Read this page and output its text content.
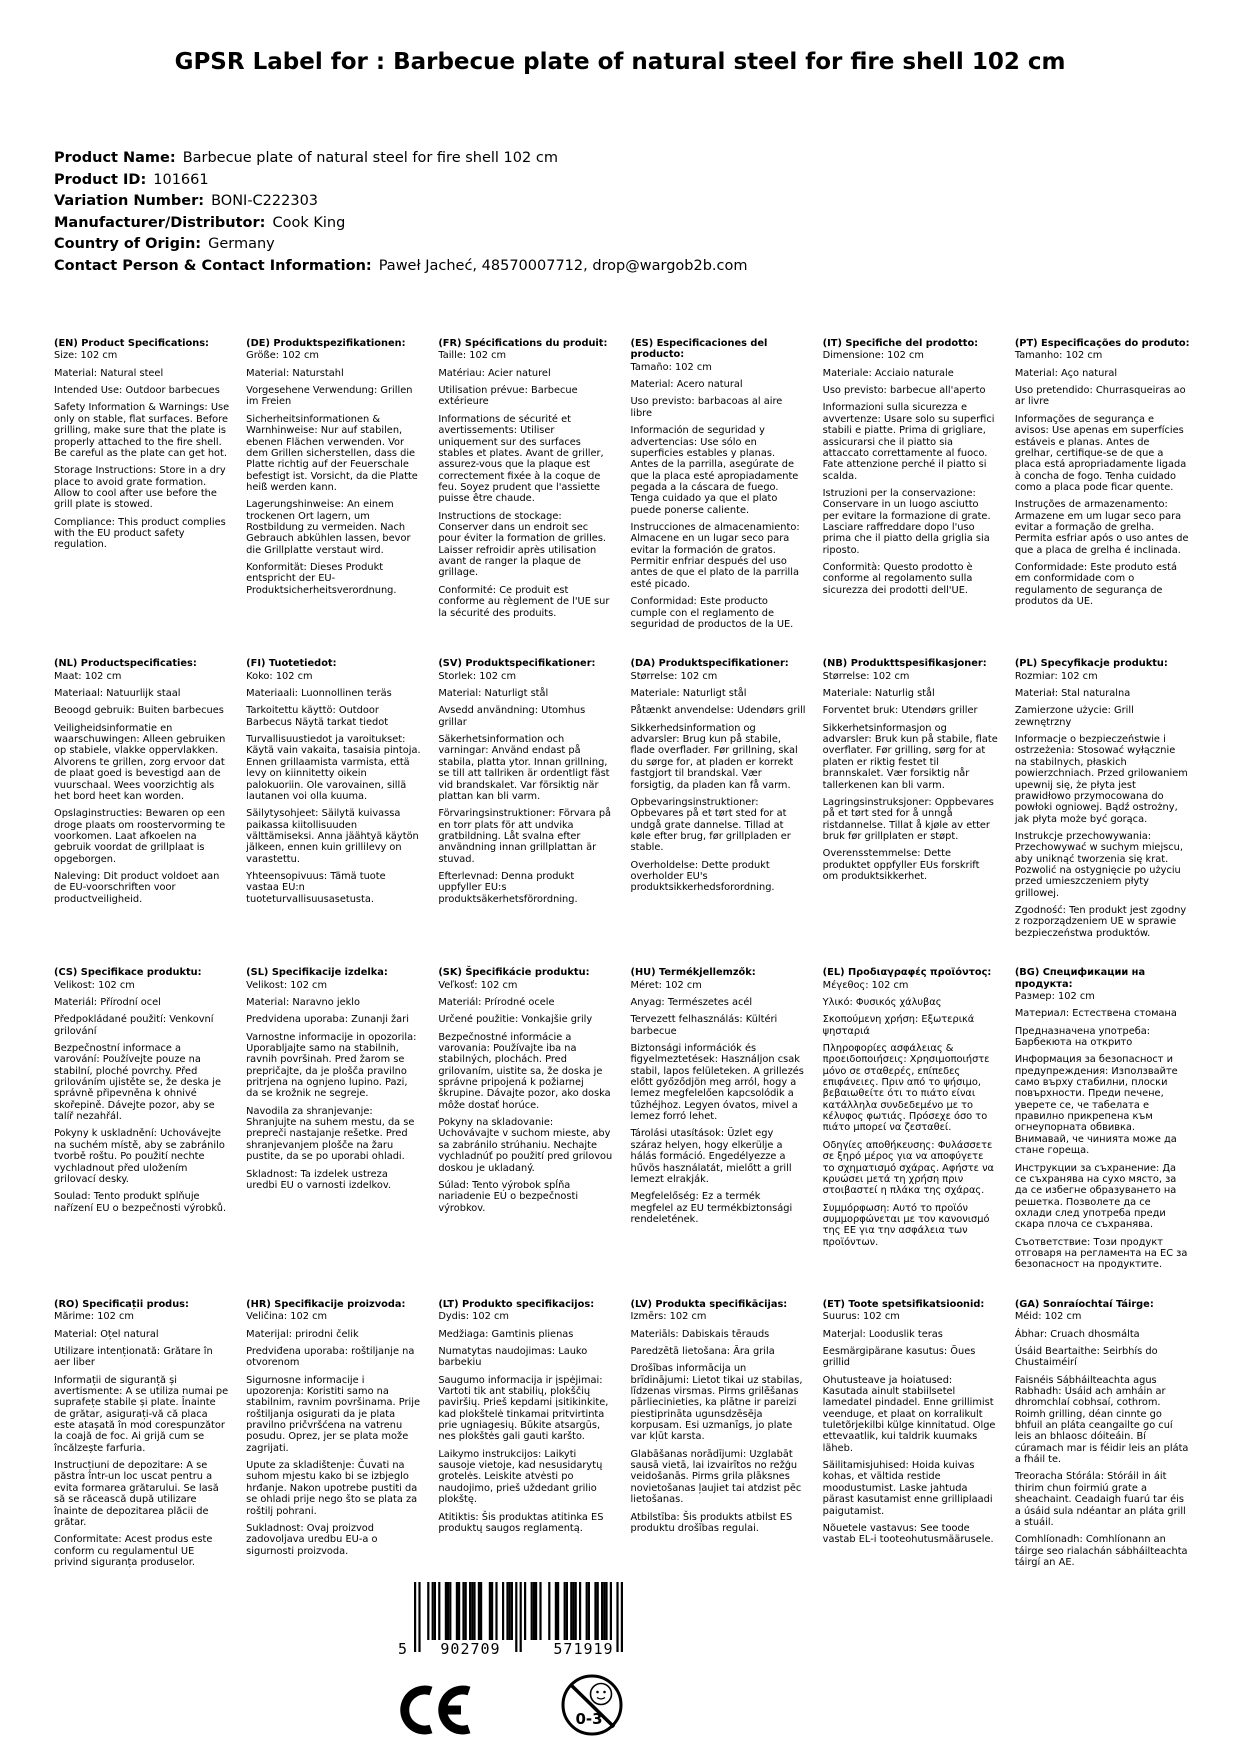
GPSR Label for : Barbecue plate of natural steel for fire shell 102 cm
Product Name: Barbecue plate of natural steel for fire shell 102 cm
Product ID: 101661
Variation Number: BONI-C222303
Manufacturer/Distributor: Cook King
Country of Origin: Germany
Contact Person & Contact Information: Paweł Jacheć, 48570007712, drop@wargob2b.com
(EN) Product Specifications:

Size: 102 cm

Material: Natural steel

Intended Use: Outdoor barbecues

Safety Information & Warnings: Use only on stable, flat surfaces. Before grilling, make sure that the plate is properly attached to the fire shell. Be careful as the plate can get hot.

Storage Instructions: Store in a dry place to avoid grate formation. Allow to cool after use before the grill plate is stowed.

Compliance: This product complies with the EU product safety regulation.

(DE) Produktspezifikationen:

Größe: 102 cm

Material: Naturstahl

Vorgesehene Verwendung: Grillen im Freien

Sicherheitsinformationen & Warnhinweise: Nur auf stabilen, ebenen Flächen verwenden. Vor dem Grillen sicherstellen, dass die Platte richtig auf der Feuerschale befestigt ist. Vorsicht, da die Platte heiß werden kann.

Lagerungshinweise: An einem trockenen Ort lagern, um Rostbildung zu vermeiden. Nach Gebrauch abkühlen lassen, bevor die Grillplatte verstaut wird.

Konformität: Dieses Produkt entspricht der EU-Produktsicherheitsverordnung.

(FR) Spécifications du produit:

Taille: 102 cm

Matériau: Acier naturel

Utilisation prévue: Barbecue extérieure

Informations de sécurité et avertissements: Utiliser uniquement sur des surfaces stables et plates. Avant de griller, assurez-vous que la plaque est correctement fixée à la coque de feu. Soyez prudent que l'assiette puisse être chaude.

Instructions de stockage: Conserver dans un endroit sec pour éviter la formation de grilles. Laisser refroidir après utilisation avant de ranger la plaque de grillage.

Conformité: Ce produit est conforme au règlement de l'UE sur la sécurité des produits.

(ES) Especificaciones del producto:

Tamaño: 102 cm

Material: Acero natural

Uso previsto: barbacoas al aire libre

Información de seguridad y advertencias: Use sólo en superficies estables y planas. Antes de la parrilla, asegúrate de que la placa esté apropiadamente pegada a la cáscara de fuego. Tenga cuidado ya que el plato puede ponerse caliente.

Instrucciones de almacenamiento: Almacene en un lugar seco para evitar la formación de gratos. Permitir enfriar después del uso antes de que el plato de la parrilla esté picado.

Conformidad: Este producto cumple con el reglamento de seguridad de productos de la UE.

(IT) Specifiche del prodotto:

Dimensione: 102 cm

Materiale: Acciaio naturale

Uso previsto: barbecue all'aperto

Informazioni sulla sicurezza e avvertenze: Usare solo su superfici stabili e piatte. Prima di grigliare, assicurarsi che il piatto sia attaccato correttamente al fuoco. Fate attenzione perché il piatto si scalda.

Istruzioni per la conservazione: Conservare in un luogo asciutto per evitare la formazione di grate. Lasciare raffreddare dopo l'uso prima che il piatto della griglia sia riposto.

Conformità: Questo prodotto è conforme al regolamento sulla sicurezza dei prodotti dell'UE.

(PT) Especificações do produto:

Tamanho: 102 cm

Material: Aço natural

Uso pretendido: Churrasqueiras ao ar livre

Informações de segurança e avisos: Use apenas em superfícies estáveis e planas. Antes de grelhar, certifique-se de que a placa está apropriadamente ligada à concha de fogo. Tenha cuidado como a placa pode ficar quente.

Instruções de armazenamento: Armazene em um lugar seco para evitar a formação de grelha. Permita esfriar após o uso antes de que a placa de grelha é inclinada.

Conformidade: Este produto está em conformidade com o regulamento de segurança de produtos da UE.

(NL) Productspecificaties:

Maat: 102 cm

Materiaal: Natuurlijk staal

Beoogd gebruik: Buiten barbecues

Veiligheidsinformatie en waarschuwingen: Alleen gebruiken op stabiele, vlakke oppervlakken. Alvorens te grillen, zorg ervoor dat de plaat goed is bevestigd aan de vuurschaal. Wees voorzichtig als het bord heet kan worden.

Opslaginstructies: Bewaren op een droge plaats om roostervorming te voorkomen. Laat afkoelen na gebruik voordat de grillplaat is opgeborgen.

Naleving: Dit product voldoet aan de EU-voorschriften voor productveiligheid.

(FI) Tuotetiedot:

Koko: 102 cm

Materiaali: Luonnollinen teräs

Tarkoitettu käyttö: Outdoor Barbecus Näytä tarkat tiedot

Turvallisuustiedot ja varoitukset: Käytä vain vakaita, tasaisia pintoja. Ennen grillaamista varmista, että levy on kiinnitetty oikein palokuoriin. Ole varovainen, sillä lautanen voi olla kuuma.

Säilytysohjeet: Säilytä kuivassa paikassa kiitollisuuden välttämiseksi. Anna jäähtyä käytön jälkeen, ennen kuin grillilevy on varastettu.

Yhteensopivuus: Tämä tuote vastaa EU:n tuoteturvallisuusasetusta.

(SV) Produktspecifikationer:

Storlek: 102 cm

Material: Naturligt stål

Avsedd användning: Utomhus grillar

Säkerhetsinformation och varningar: Använd endast på stabila, platta ytor. Innan grillning, se till att tallriken är ordentligt fäst vid brandskalet. Var försiktig när plattan kan bli varm.

Förvaringsinstruktioner: Förvara på en torr plats för att undvika gratbildning. Låt svalna efter användning innan grillplattan är stuvad.

Efterlevnad: Denna produkt uppfyller EU:s produktsäkerhetsförordning.

(DA) Produktspecifikationer:

Størrelse: 102 cm

Materiale: Naturligt stål

Påtænkt anvendelse: Udendørs grill

Sikkerhedsinformation og advarsler: Brug kun på stabile, flade overflader. Før grillning, skal du sørge for, at pladen er korrekt fastgjort til brandskal. Vær forsigtig, da pladen kan få varm.

Opbevaringsinstruktioner: Opbevares på et tørt sted for at undgå grate dannelse. Tillad at køle efter brug, før grillpladen er stable.

Overholdelse: Dette produkt overholder EU's produktsikkerhedsforordning.

(NB) Produkttspesifikasjoner:

Størrelse: 102 cm

Materiale: Naturlig stål

Forventet bruk: Utendørs griller

Sikkerhetsinformasjon og advarsler: Bruk kun på stabile, flate overflater. Før grilling, sørg for at platen er riktig festet til brannskalet. Vær forsiktig når tallerkenen kan bli varm.

Lagringsinstruksjoner: Oppbevares på et tørt sted for å unngå ristdannelse. Tillat å kjøle av etter bruk før grillplaten er støpt.

Overensstemmelse: Dette produktet oppfyller EUs forskrift om produktsikkerhet.

(PL) Specyfikacje produktu:

Rozmiar: 102 cm

Materiał: Stal naturalna

Zamierzone użycie: Grill zewnętrzny

Informacje o bezpieczeństwie i ostrzeżenia: Stosować wyłącznie na stabilnych, płaskich powierzchniach. Przed grilowaniem upewnij się, że płyta jest prawidłowo przymocowana do powłoki ogniowej. Bądź ostrożny, jak płyta może być gorąca.

Instrukcje przechowywania: Przechowywać w suchym miejscu, aby uniknąć tworzenia się krat. Pozwolić na ostygnięcie po użyciu przed umieszczeniem płyty grillowej.

Zgodność: Ten produkt jest zgodny z rozporządzeniem UE w sprawie bezpieczeństwa produktów.

(CS) Specifikace produktu:

Velikost: 102 cm

Materiál: Přírodní ocel

Předpokládané použití: Venkovní grilování

Bezpečnostní informace a varování: Používejte pouze na stabilní, ploché povrchy. Před grilováním ujistěte se, že deska je správně připevněna k ohnivé skořepině. Dávejte pozor, aby se talíř nezahřál.

Pokyny k uskladnění: Uchovávejte na suchém místě, aby se zabránilo tvorbě roštu. Po použití nechte vychladnout před uložením grilovací desky.

Soulad: Tento produkt splňuje nařízení EU o bezpečnosti výrobků.

(SL) Specifikacije izdelka:

Velikost: 102 cm

Material: Naravno jeklo

Predvidena uporaba: Zunanji žari

Varnostne informacije in opozorila: Uporabljajte samo na stabilnih, ravnih površinah. Pred žarom se prepričajte, da je plošča pravilno pritrjena na ognjeno lupino. Pazi, da se krožnik ne segreje.

Navodila za shranjevanje: Shranjujte na suhem mestu, da se prepreči nastajanje rešetke. Pred shranjevanjem plošče na žaru pustite, da se po uporabi ohladi.

Skladnost: Ta izdelek ustreza uredbi EU o varnosti izdelkov.

(SK) Špecifikácie produktu:

Veľkosť: 102 cm

Materiál: Prírodné ocele

Určené použitie: Vonkajšie grily

Bezpečnostné informácie a varovania: Používajte iba na stabilných, plochách. Pred grilovaním, uistite sa, že doska je správne pripojená k požiarnej škrupine. Dávajte pozor, ako doska môže dostať horúce.

Pokyny na skladovanie: Uchovávajte v suchom mieste, aby sa zabránilo strúhaniu. Nechajte vychladnúť po použití pred grilovou doskou je ukladaný.

Súlad: Tento výrobok spĺňa nariadenie EÚ o bezpečnosti výrobkov.

(HU) Termékjellemzők:

Méret: 102 cm

Anyag: Természetes acél

Tervezett felhasználás: Kültéri barbecue

Biztonsági információk és figyelmeztetések: Használjon csak stabil, lapos felületeken. A grillezés előtt győződjön meg arról, hogy a lemez megfelelően kapcsolódik a tűzhéjhoz. Legyen óvatos, mivel a lemez forró lehet.

Tárolási utasítások: Üzlet egy száraz helyen, hogy elkerülje a hálás formáció. Engedélyezze a hűvös használatát, mielőtt a grill lemezt elrakják.

Megfelelőség: Ez a termék megfelel az EU termékbiztonsági rendeletének.

(EL) Προδιαγραφές προϊόντος:

Μέγεθος: 102 cm

Υλικό: Φυσικός χάλυβας

Σκοπούμενη χρήση: Εξωτερικά ψησταριά

Πληροφορίες ασφάλειας & προειδοποιήσεις: Χρησιμοποιήστε μόνο σε σταθερές, επίπεδες επιφάνειες. Πριν από το ψήσιμο, βεβαιωθείτε ότι το πιάτο είναι κατάλληλα συνδεδεμένο με το κέλυφος φωτιάς. Πρόσεχε όσο το πιάτο μπορεί να ζεσταθεί.

Οδηγίες αποθήκευσης: Φυλάσσετε σε ξηρό μέρος για να αποφύγετε το σχηματισμό σχάρας. Αφήστε να κρυώσει μετά τη χρήση πριν στοιβαστεί η πλάκα της σχάρας.

Συμμόρφωση: Αυτό το προϊόν συμμορφώνεται με τον κανονισμό της ΕΕ για την ασφάλεια των προϊόντων.

(BG) Спецификации на продукта:

Размер: 102 cm

Материал: Естествена стомана

Предназначена употреба: Барбекюта на открито

Информация за безопасност и предупреждения: Използвайте само върху стабилни, плоски повърхности. Преди печене, уверете се, че табелата е правилно прикрепена към огнеупорната обвивка. Внимавай, че чинията може да стане гореща.

Инструкции за съхранение: Да се съхранява на сухо място, за да се избегне образуването на решетка. Позволете да се охлади след употреба преди скара плоча се съхранява.

Съответствие: Този продукт отговаря на регламента на ЕС за безопасност на продуктите.

(RO) Specificații produs:

Mărime: 102 cm

Material: Oțel natural

Utilizare intenționată: Grătare în aer liber

Informații de siguranță și avertismente: A se utiliza numai pe suprafețe stabile și plate. Înainte de grătar, asigurați-vă că placa este atașată în mod corespunzător la coajă de foc. Ai grijă cum se încălzește farfuria.

Instrucțiuni de depozitare: A se păstra într-un loc uscat pentru a evita formarea grătarului. Se lasă să se răcească după utilizare înainte de depozitarea plăcii de grătar.

Conformitate: Acest produs este conform cu regulamentul UE privind siguranța produselor.

(HR) Specifikacije proizvoda:

Veličina: 102 cm

Materijal: prirodni čelik

Predviđena uporaba: roštiljanje na otvorenom

Sigurnosne informacije i upozorenja: Koristiti samo na stabilnim, ravnim površinama. Prije roštiljanja osigurati da je plata pravilno pričvršćena na vatrenu posudu. Oprez, jer se plata može zagrijati.

Upute za skladištenje: Čuvati na suhom mjestu kako bi se izbjeglo hrđanje. Nakon upotrebe pustiti da se ohladi prije nego što se plata za roštilj pohrani.

Sukladnost: Ovaj proizvod zadovoljava uredbu EU-a o sigurnosti proizvoda.

(LT) Produkto specifikacijos:

Dydis: 102 cm

Medžiaga: Gamtinis plienas

Numatytas naudojimas: Lauko barbekiu

Saugumo informacija ir įspėjimai: Vartoti tik ant stabilių, plokščių paviršių. Prieš kepdami įsitikinkite, kad plokštelė tinkamai pritvirtinta prie ugniagesių. Būkite atsargūs, nes plokštės gali gauti karšto.

Laikymo instrukcijos: Laikyti sausoje vietoje, kad nesusidarytų grotelės. Leiskite atvėsti po naudojimo, prieš uždedant grilio plokštę.

Atitiktis: Šis produktas atitinka ES produktų saugos reglamentą.

(LV) Produkta specifikācijas:

Izmērs: 102 cm

Materiāls: Dabiskais tērauds

Paredzētā lietošana: Āra grila

Drošības informācija un brīdinājumi: Lietot tikai uz stabilas, līdzenas virsmas. Pirms grilēšanas pārliecinieties, ka plātne ir pareizi piestiprināta ugunsdzēsēja korpusam. Esi uzmanīgs, jo plate var kļūt karsta.

Glabāšanas norādījumi: Uzglabāt sausā vietā, lai izvairītos no režģu veidošanās. Pirms grila plāksnes novietošanas ļaujiet tai atdzist pēc lietošanas.

Atbilstība: Šis produkts atbilst ES produktu drošības regulai.

(ET) Toote spetsifikatsioonid:

Suurus: 102 cm

Materjal: Looduslik teras

Eesmärgipärane kasutus: Õues grillid

Ohutusteave ja hoiatused: Kasutada ainult stabiilsetel lamedatel pindadel. Enne grillimist veenduge, et plaat on korralikult tuletõrjekilbi külge kinnitatud. Olge ettevaatlik, kui taldrik kuumaks läheb.

Säilitamisjuhised: Hoida kuivas kohas, et vältida restide moodustumist. Laske jahtuda pärast kasutamist enne grilliplaadi paigutamist.

Nõuetele vastavus: See toode vastab EL-i tooteohutusmäärusele.

(GA) Sonraíochtaí Táirge:

Méid: 102 cm

Ábhar: Cruach dhosmálta

Úsáid Beartaithe: Seirbhís do Chustaiméirí

Faisnéis Sábháilteachta agus Rabhadh: Úsáid ach amháin ar dhromchlaí cobhsaí, cothrom. Roimh grilling, déan cinnte go bhfuil an pláta ceangailte go cuí leis an bhlaosc dóiteáin. Bí cúramach mar is féidir leis an pláta a fháil te.

Treoracha Stórála: Stóráil in áit thirim chun foirmiú grate a sheachaint. Ceadaigh fuarú tar éis a úsáid sula ndéantar an pláta grill a stuáil.

Comhlíonadh: Comhlíonann an táirge seo rialachán sábháilteachta táirgí an AE.

5	902709	571919
0-3
